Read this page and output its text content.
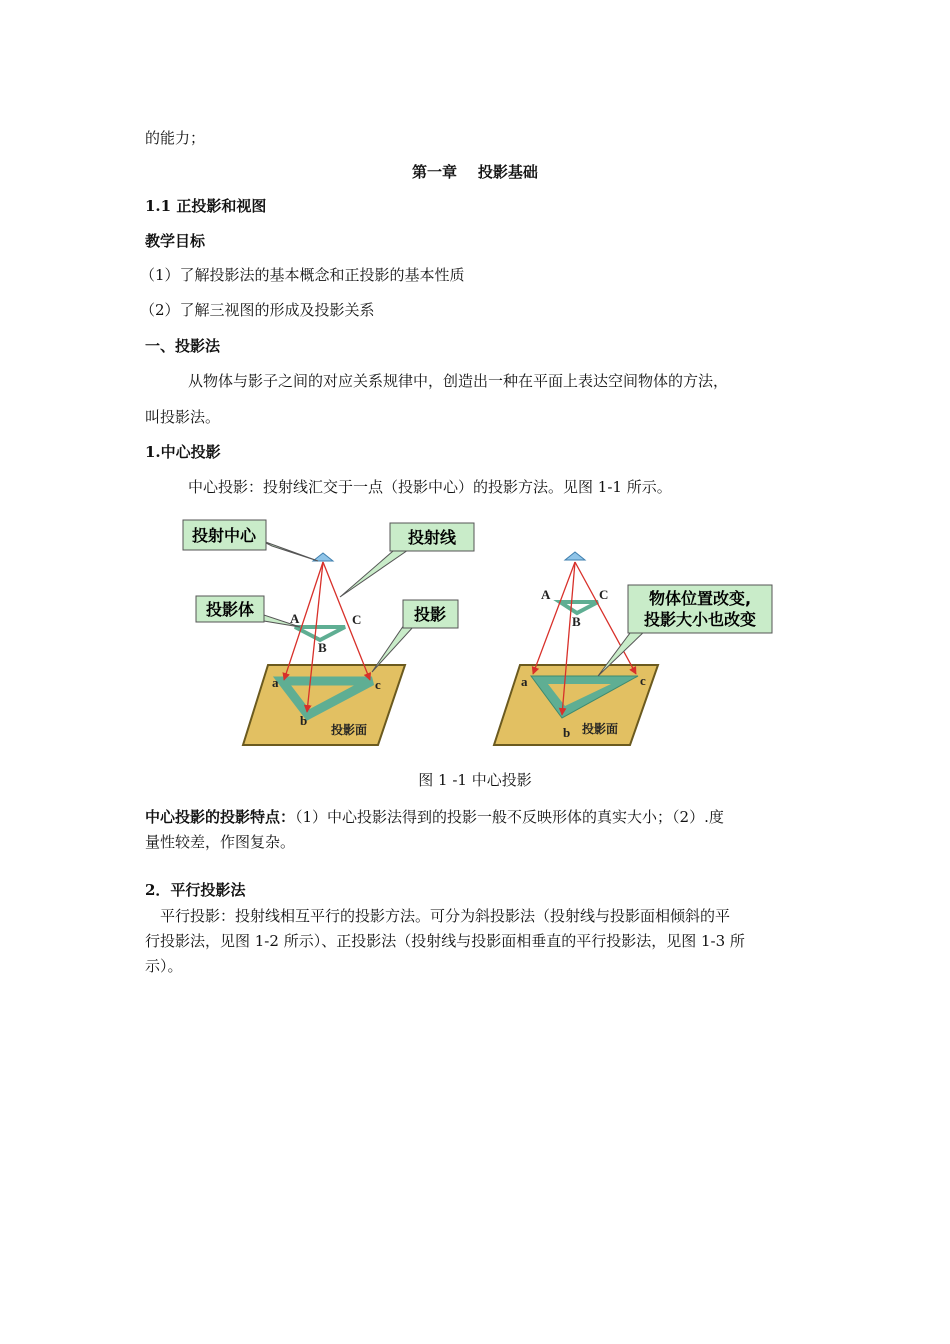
的能力；
第一章    投影基础
1.1 正投影和视图
教学目标
（1）了解投影法的基本概念和正投影的基本性质
（2）了解三视图的形成及投影关系
一、投影法
从物体与影子之间的对应关系规律中，创造出一种在平面上表达空间物体的方法，
叫投影法。
1.中心投影
中心投影：投射线汇交于一点（投影中心）的投影方法。见图 1-1 所示。
投射中心	投射线
投影体	投影
A
B
C
a
b
c
投影面
物体位置改变,
投影大小也改变
A
B
C
a
b
c
投影面
图 1 -1 中心投影
中心投影的投影特点：（1）中心投影法得到的投影一般不反映形体的真实大小；（2）.度
量性较差，作图复杂。
2．平行投影法
平行投影：投射线相互平行的投影方法。可分为斜投影法（投射线与投影面相倾斜的平
行投影法，见图 1-2 所示）、正投影法（投射线与投影面相垂直的平行投影法，见图 1-3 所
示）。
